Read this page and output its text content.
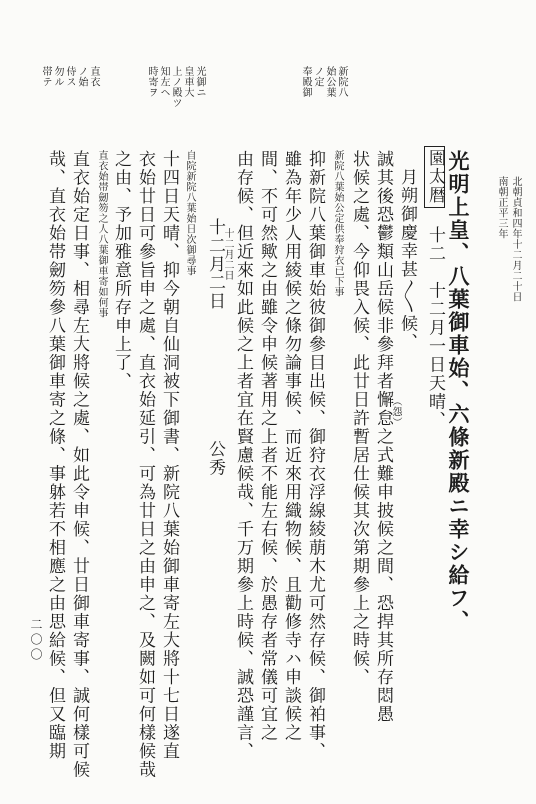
南朝正平三年 北朝貞和四年十二月二十日
二〇〇
新院八
始公葉
ノ定
奉殿御
光御ニ
皇車大
上ノ殿ツ
知左ヘ
時寄ヲ
直衣
ノ始
侍ス
勿ル
帯テ
光明上皇、八葉御車始、六條新殿ニ幸シ給フ、
園太暦
十二　十二月一日天晴、
月朔御慶幸甚〳〵候、
誠其後恐鬱類山岳候非參拜者懈怠之式難申披候之間、恐捍其所存悶愚
状候之處、今仰畏入候、此廿日許暫居仕候其次第期參上之時候、
抑新院八葉御車始彼御參目出候、御狩衣浮線綾萠木尤可然存候、御袙事、
雖為年少人用綾候之條勿論事候、而近來用織物候、且勸修寺ハ申談候之
間、不可然歟之由雖令申候著用之上者不能左右候、於愚存者常儀可宜之
由存候、但近來如此候之上者宜在賢慮候哉、千万期參上時候、誠恐謹言、
十二月二日　　　　　　　公秀
十四日天晴、抑今朝自仙洞被下御書、新院八葉始御車寄左大將十七日遂直
衣始廿日可參旨申之處、直衣始延引、可為廿日之由申之、及闕如可何樣候哉
之由、予加雅意所存申上了、
直衣始定日事、相尋左大將候之處、如此令申候、廿日御車寄事、誠何樣可候
哉、直衣始帯劒笏參八葉御車寄之條、事躰若不相應之由思給候、但又臨期	新院八葉始公定供奉狩衣已下事
自院新院八葉始日次御尋事
直衣始帯劒笏之人八葉御車寄如何事
（怨）
十二月二日
